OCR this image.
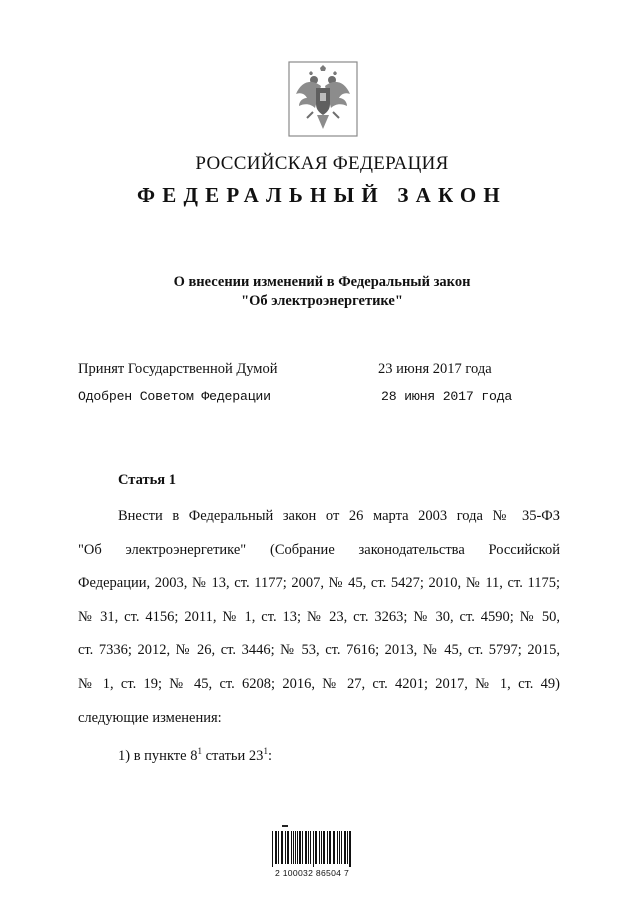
РОССИЙСКАЯ ФЕДЕРАЦИЯ
ФЕДЕРАЛЬНЫЙ ЗАКОН
О внесении изменений в Федеральный закон
"Об электроэнергетике"
Принят Государственной Думой	23 июня 2017 года
Одобрен Советом Федерации	28 июня 2017 года
Статья 1
Внести в Федеральный закон от 26 марта 2003 года № 35-ФЗ
"Об электроэнергетике" (Собрание законодательства Российской
Федерации, 2003, № 13, ст. 1177; 2007, № 45, ст. 5427; 2010, № 11, ст. 1175;
№ 31, ст. 4156; 2011, № 1, ст. 13; № 23, ст. 3263; № 30, ст. 4590; № 50,
ст. 7336; 2012, № 26, ст. 3446; № 53, ст. 7616; 2013, № 45, ст. 5797; 2015,
№ 1, ст. 19; № 45, ст. 6208; 2016, № 27, ст. 4201; 2017, № 1, ст. 49)
следующие изменения:
1) в пункте $8^1$ статьи $23^1$:
2 100032 86504 7
